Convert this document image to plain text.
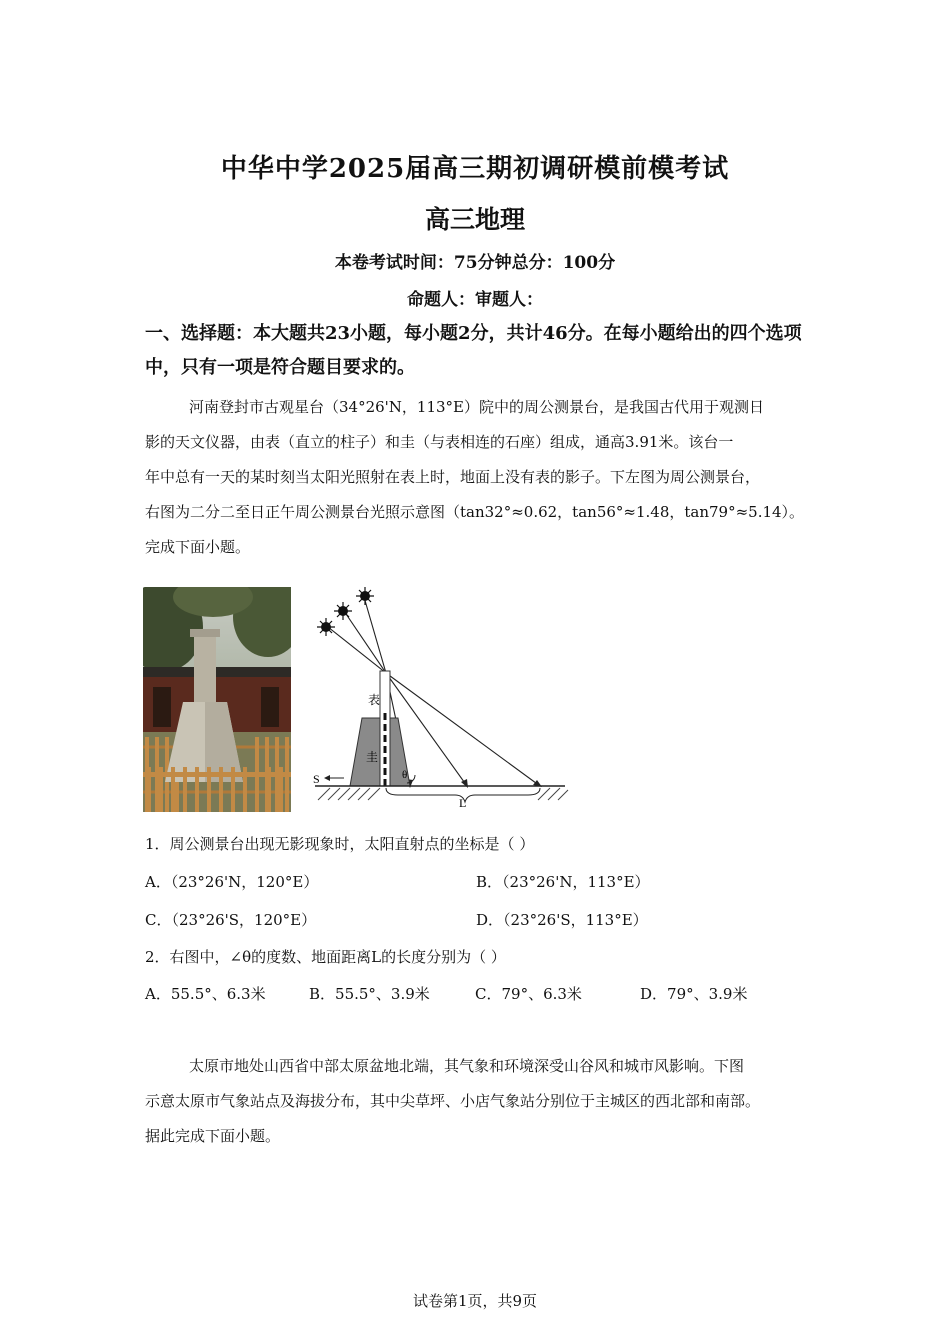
中华中学2025届高三期初调研模前模考试
高三地理
本卷考试时间：75分钟总分：100分
命题人：审题人：
一、选择题：本大题共23小题，每小题2分，共计46分。在每小题给出的四个选项中，只有一项是符合题目要求的。
河南登封市古观星台（34°26'N，113°E）院中的周公测景台，是我国古代用于观测日
影的天文仪器，由表（直立的柱子）和圭（与表相连的石座）组成，通高3.91米。该台一
年中总有一天的某时刻当太阳光照射在表上时，地面上没有表的影子。下左图为周公测景台，
右图为二分二至日正午周公测景台光照示意图（tan32°≈0.62，tan56°≈1.48，tan79°≈5.14）。
完成下面小题。
S
表
圭
θ
L
1．周公测景台出现无影现象时，太阳直射点的坐标是（ ）
A．（23°26'N，120°E）	B．（23°26'N，113°E）
C．（23°26'S，120°E）	D．（23°26'S，113°E）
2．右图中，∠θ的度数、地面距离L的长度分别为（ ）
A．55.5°、6.3米	B．55.5°、3.9米	C．79°、6.3米	D．79°、3.9米
太原市地处山西省中部太原盆地北端，其气象和环境深受山谷风和城市风影响。下图
示意太原市气象站点及海拔分布，其中尖草坪、小店气象站分别位于主城区的西北部和南部。
据此完成下面小题。
试卷第1页，共9页
